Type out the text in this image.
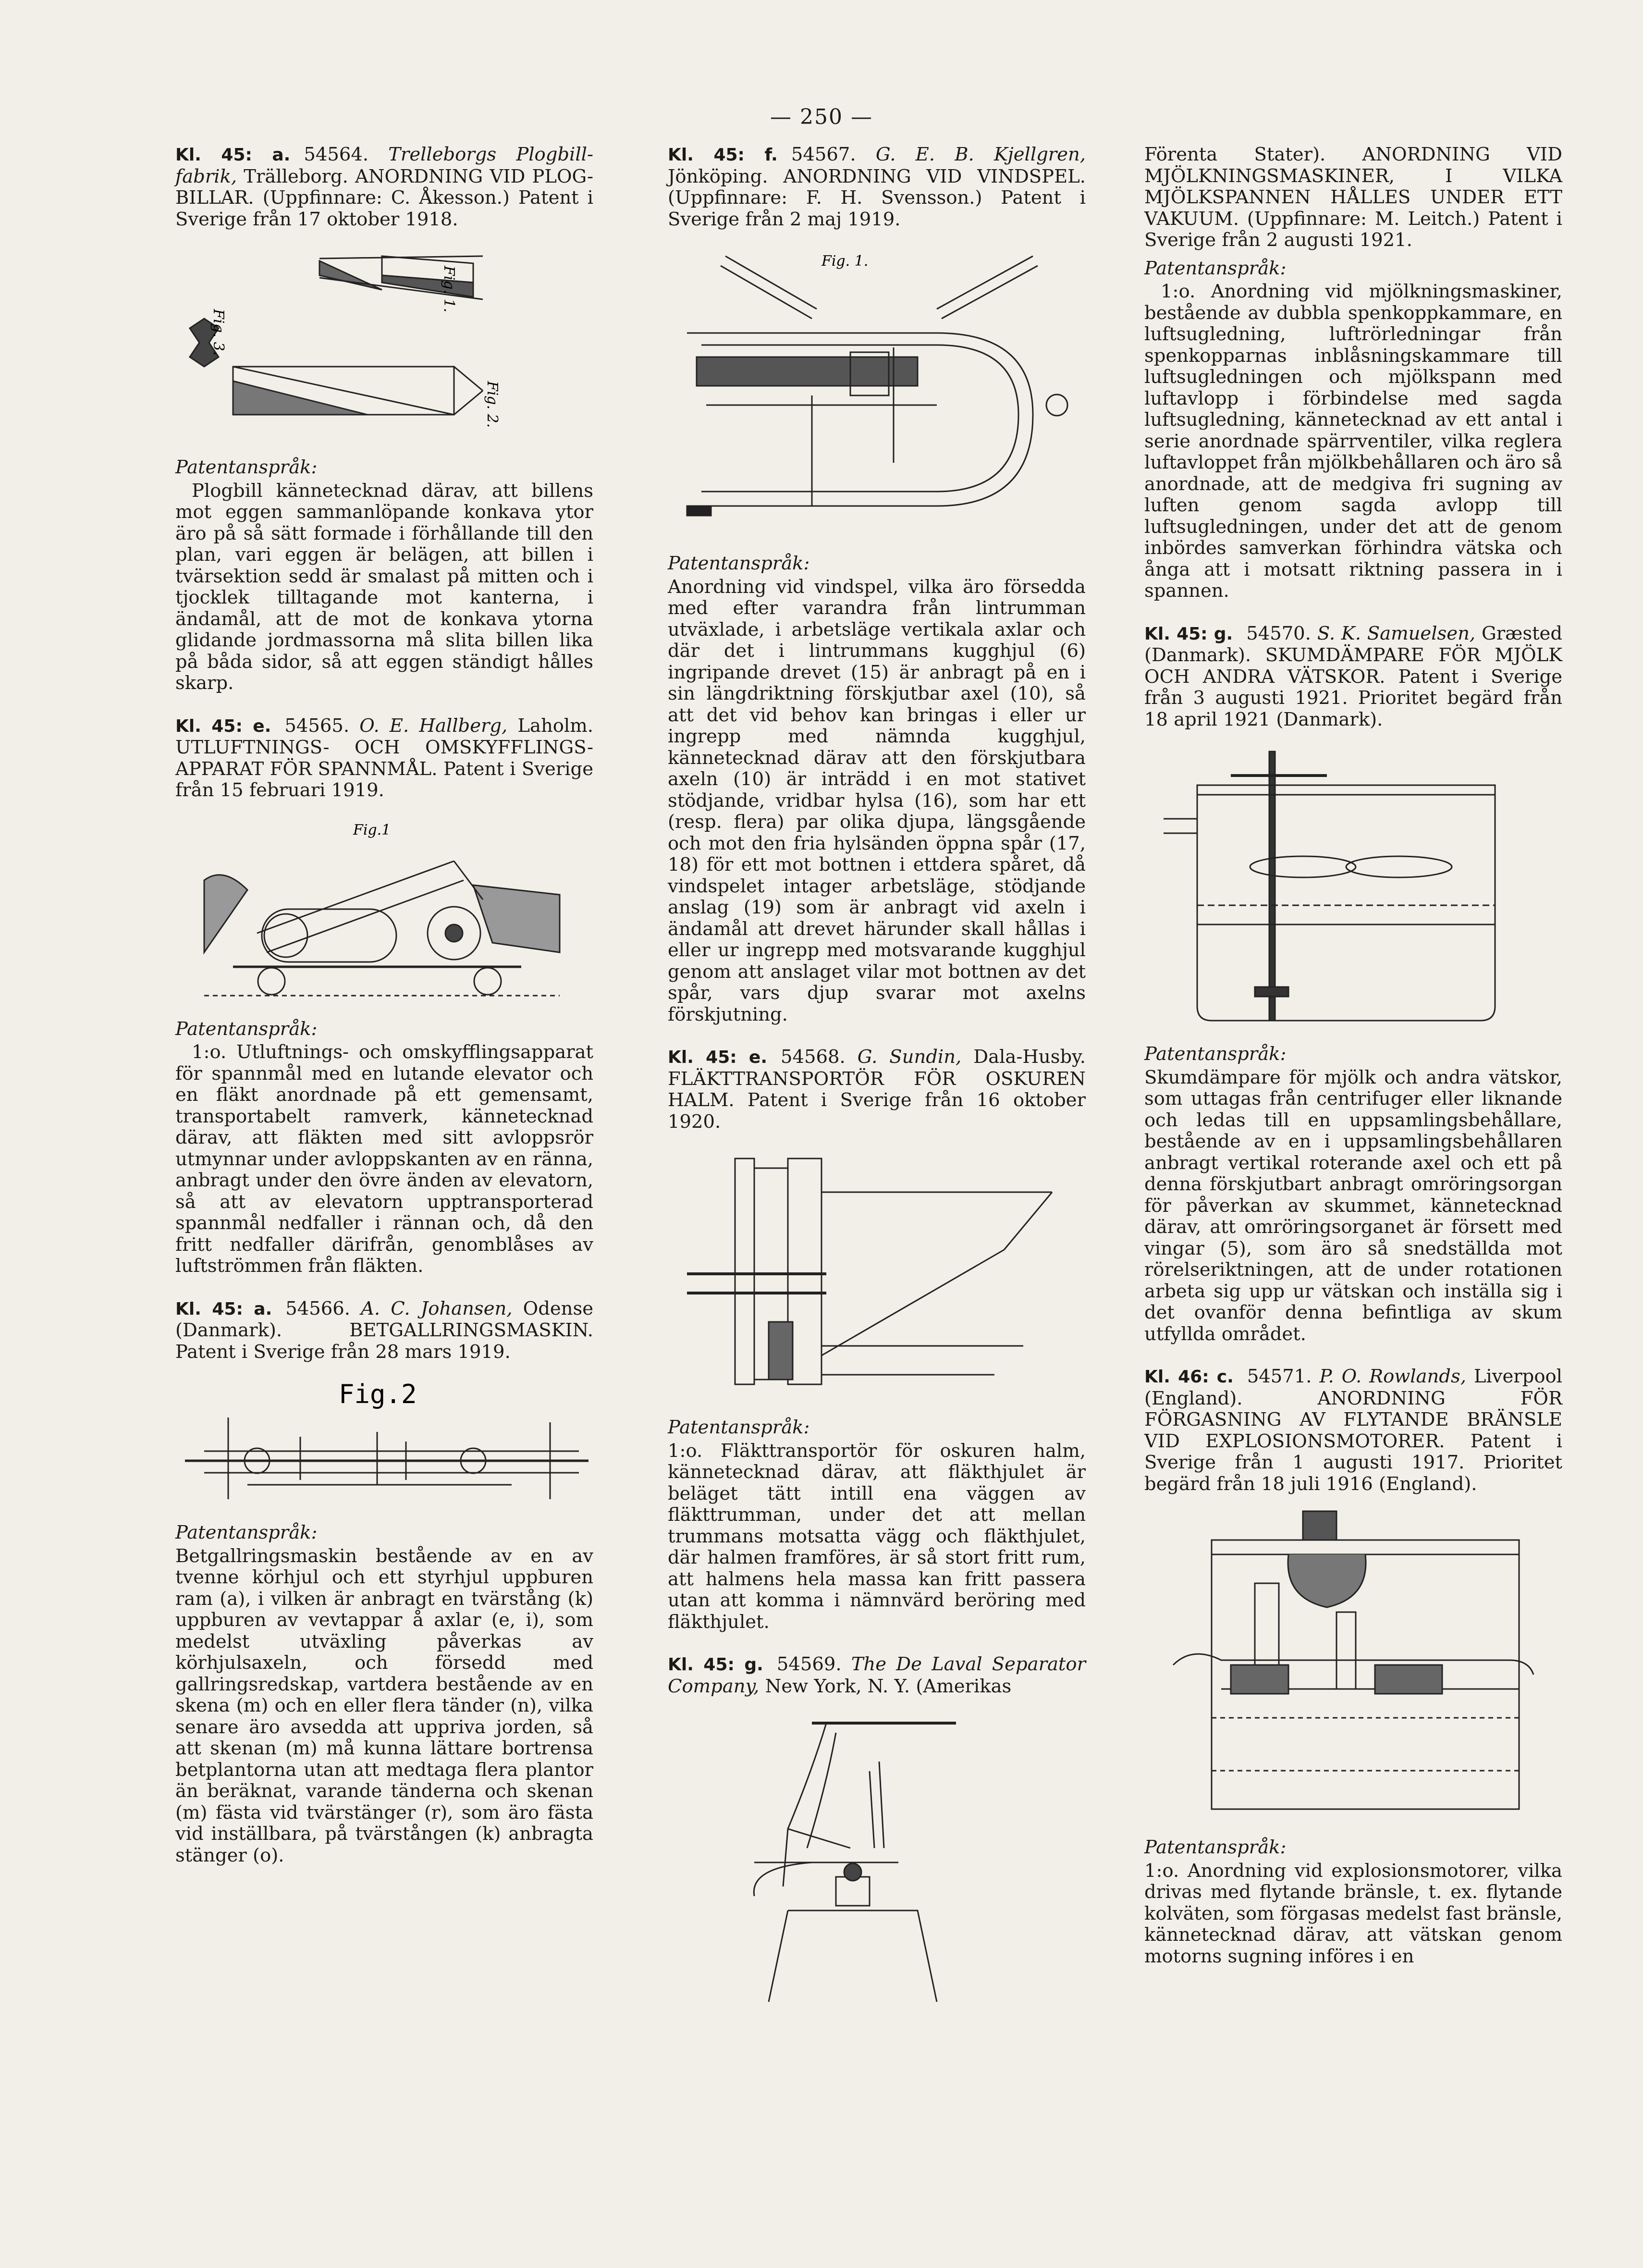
— 250 —
Kl. 45: a. 54564. Trelleborgs Plogbill-fabrik, Trälleborg. ANORDNING VID PLOG-BILLAR. (Uppfinnare: C. Åkesson.) Patent i Sverige från 17 oktober 1918.
Fig. 1.
Fig. 3.
Fig. 2.
Patentanspråk:

Plogbill kännetecknad därav, att billens mot eggen sammanlöpande konkava ytor äro på så sätt formade i förhållande till den plan, vari eggen är belägen, att billen i tvärsektion sedd är smalast på mitten och i tjocklek tilltagande mot kanterna, i ändamål, att de mot de konkava ytorna glidande jordmassorna må slita billen lika på båda sidor, så att eggen ständigt hålles skarp.

Kl. 45: e. 54565. O. E. Hallberg, Laholm. UTLUFTNINGS- OCH OMSKYFFLINGS-APPARAT FÖR SPANNMÅL. Patent i Sverige från 15 februari 1919.
Fig.1
Patentanspråk:

1:o. Utluftnings- och omskyfflingsapparat för spannmål med en lutande elevator och en fläkt anordnade på ett gemensamt, transportabelt ramverk, kännetecknad därav, att fläkten med sitt avloppsrör utmynnar under avloppskanten av en ränna, anbragt under den övre änden av elevatorn, så att av elevatorn upptransporterad spannmål nedfaller i rännan och, då den fritt nedfaller därifrån, genomblåses av luftströmmen från fläkten.

Kl. 45: a. 54566. A. C. Johansen, Odense (Danmark). BETGALLRINGSMASKIN. Patent i Sverige från 28 mars 1919.
Fig.2
Patentanspråk:

Betgallringsmaskin bestående av en av tvenne körhjul och ett styrhjul uppburen ram (a), i vilken är anbragt en tvärstång (k) uppburen av vevtappar å axlar (e, i), som medelst utväxling påverkas av körhjulsaxeln, och försedd med gallringsredskap, vartdera bestående av en skena (m) och en eller flera tänder (n), vilka senare äro avsedda att uppriva jorden, så att skenan (m) må kunna lättare bortrensa betplantorna utan att medtaga flera plantor än beräknat, varande tänderna och skenan (m) fästa vid tvärstänger (r), som äro fästa vid inställbara, på tvärstången (k) anbragta stänger (o).

Kl. 45: f. 54567. G. E. B. Kjellgren, Jönköping. ANORDNING VID VINDSPEL. (Uppfinnare: F. H. Svensson.) Patent i Sverige från 2 maj 1919.
Fig. 1.
Patentanspråk:

Anordning vid vindspel, vilka äro försedda med efter varandra från lintrumman utväxlade, i arbetsläge vertikala axlar och där det i lintrummans kugghjul (6) ingripande drevet (15) är anbragt på en i sin längdriktning förskjutbar axel (10), så att det vid behov kan bringas i eller ur ingrepp med nämnda kugghjul, kännetecknad därav att den förskjutbara axeln (10) är inträdd i en mot stativet stödjande, vridbar hylsa (16), som har ett (resp. flera) par olika djupa, längsgående och mot den fria hylsänden öppna spår (17, 18) för ett mot bottnen i ettdera spåret, då vindspelet intager arbetsläge, stödjande anslag (19) som är anbragt vid axeln i ändamål att drevet härunder skall hållas i eller ur ingrepp med motsvarande kugghjul genom att anslaget vilar mot bottnen av det spår, vars djup svarar mot axelns förskjutning.

Kl. 45: e. 54568. G. Sundin, Dala-Husby. FLÄKTTRANSPORTÖR FÖR OSKUREN HALM. Patent i Sverige från 16 oktober 1920.
Patentanspråk:

1:o. Fläkttransportör för oskuren halm, kännetecknad därav, att fläkthjulet är beläget tätt intill ena väggen av fläkttrumman, under det att mellan trummans motsatta vägg och fläkthjulet, där halmen framföres, är så stort fritt rum, att halmens hela massa kan fritt passera utan att komma i nämnvärd beröring med fläkthjulet.

Kl. 45: g. 54569. The De Laval Separator Company, New York, N. Y. (Amerikas

Förenta Stater). ANORDNING VID MJÖLKNINGSMASKINER, I VILKA MJÖLKSPANNEN HÅLLES UNDER ETT VAKUUM. (Uppfinnare: M. Leitch.) Patent i Sverige från 2 augusti 1921.

Patentanspråk:

1:o. Anordning vid mjölkningsmaskiner, bestående av dubbla spenkoppkammare, en luftsugledning, luftrörledningar från spenkopparnas inblåsningskammare till luftsugledningen och mjölkspann med luftavlopp i förbindelse med sagda luftsugledning, kännetecknad av ett antal i serie anordnade spärrventiler, vilka reglera luftavloppet från mjölkbehållaren och äro så anordnade, att de medgiva fri sugning av luften genom sagda avlopp till luftsugledningen, under det att de genom inbördes samverkan förhindra vätska och ånga att i motsatt riktning passera in i spannen.

Kl. 45: g. 54570. S. K. Samuelsen, Græsted (Danmark). SKUMDÄMPARE FÖR MJÖLK OCH ANDRA VÄTSKOR. Patent i Sverige från 3 augusti 1921. Prioritet begärd från 18 april 1921 (Danmark).
Patentanspråk:

Skumdämpare för mjölk och andra vätskor, som uttagas från centrifuger eller liknande och ledas till en uppsamlingsbehållare, bestående av en i uppsamlingsbehållaren anbragt vertikal roterande axel och ett på denna förskjutbart anbragt omröringsorgan för påverkan av skummet, kännetecknad därav, att omröringsorganet är försett med vingar (5), som äro så snedställda mot rörelseriktningen, att de under rotationen arbeta sig upp ur vätskan och inställa sig i det ovanför denna befintliga av skum utfyllda området.

Kl. 46: c. 54571. P. O. Rowlands, Liverpool (England). ANORDNING FÖR FÖRGASNING AV FLYTANDE BRÄNSLE VID EXPLOSIONSMOTORER. Patent i Sverige från 1 augusti 1917. Prioritet begärd från 18 juli 1916 (England).
Patentanspråk:

1:o. Anordning vid explosionsmotorer, vilka drivas med flytande bränsle, t. ex. flytande kolväten, som förgasas medelst fast bränsle, kännetecknad därav, att vätskan genom motorns sugning införes i en
